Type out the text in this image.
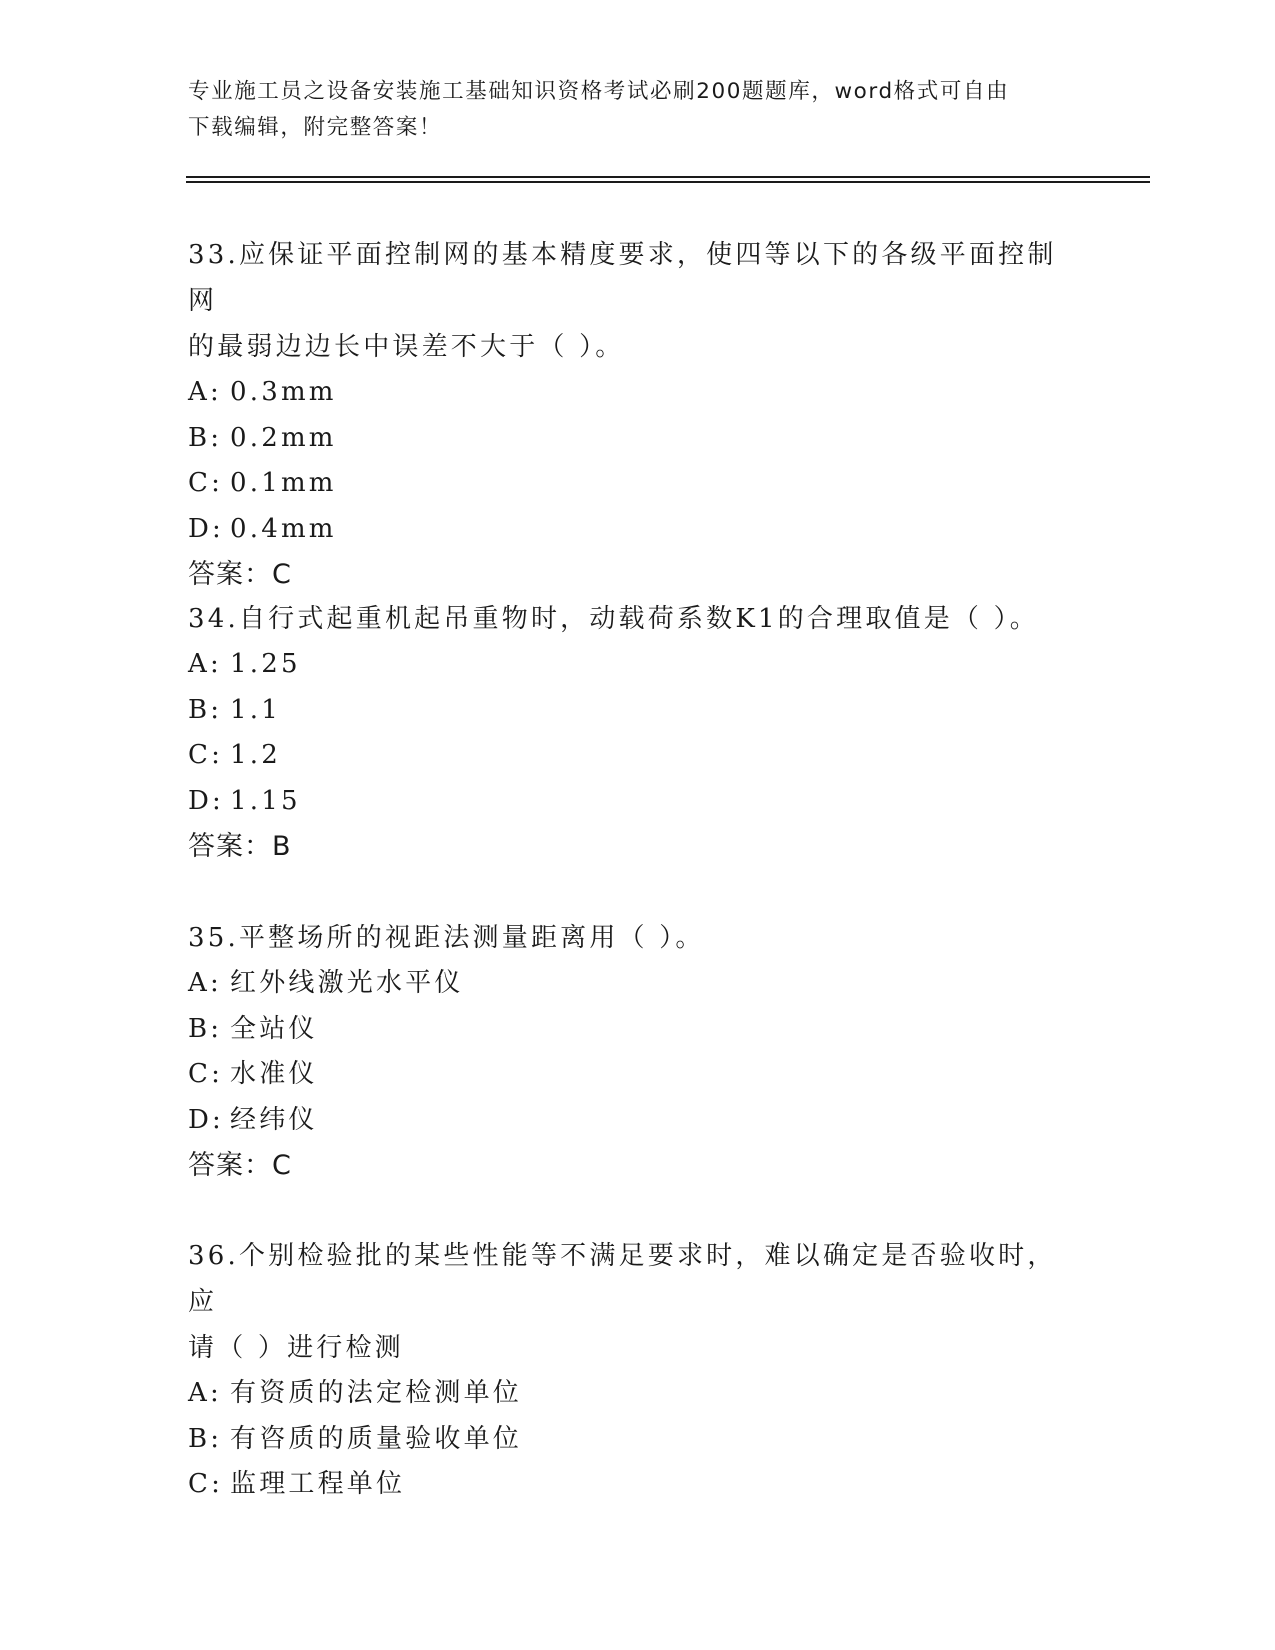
专业施工员之设备安装施工基础知识资格考试必刷200题题库，word格式可自由
下载编辑，附完整答案！

33.应保证平面控制网的基本精度要求，使四等以下的各级平面控制网
的最弱边边长中误差不大于（ ）。

A: 0.3mm
B: 0.2mm
C: 0.1mm
D: 0.4mm

答案：C

34.自行式起重机起吊重物时，动载荷系数K1的合理取值是（ ）。

A: 1.25
B: 1.1
C: 1.2
D: 1.15

答案：B

35.平整场所的视距法测量距离用（ ）。

A: 红外线激光水平仪
B: 全站仪
C: 水准仪
D: 经纬仪

答案：C

36.个别检验批的某些性能等不满足要求时，难以确定是否验收时，应
请（ ）进行检测

A: 有资质的法定检测单位
B: 有咨质的质量验收单位
C: 监理工程单位
